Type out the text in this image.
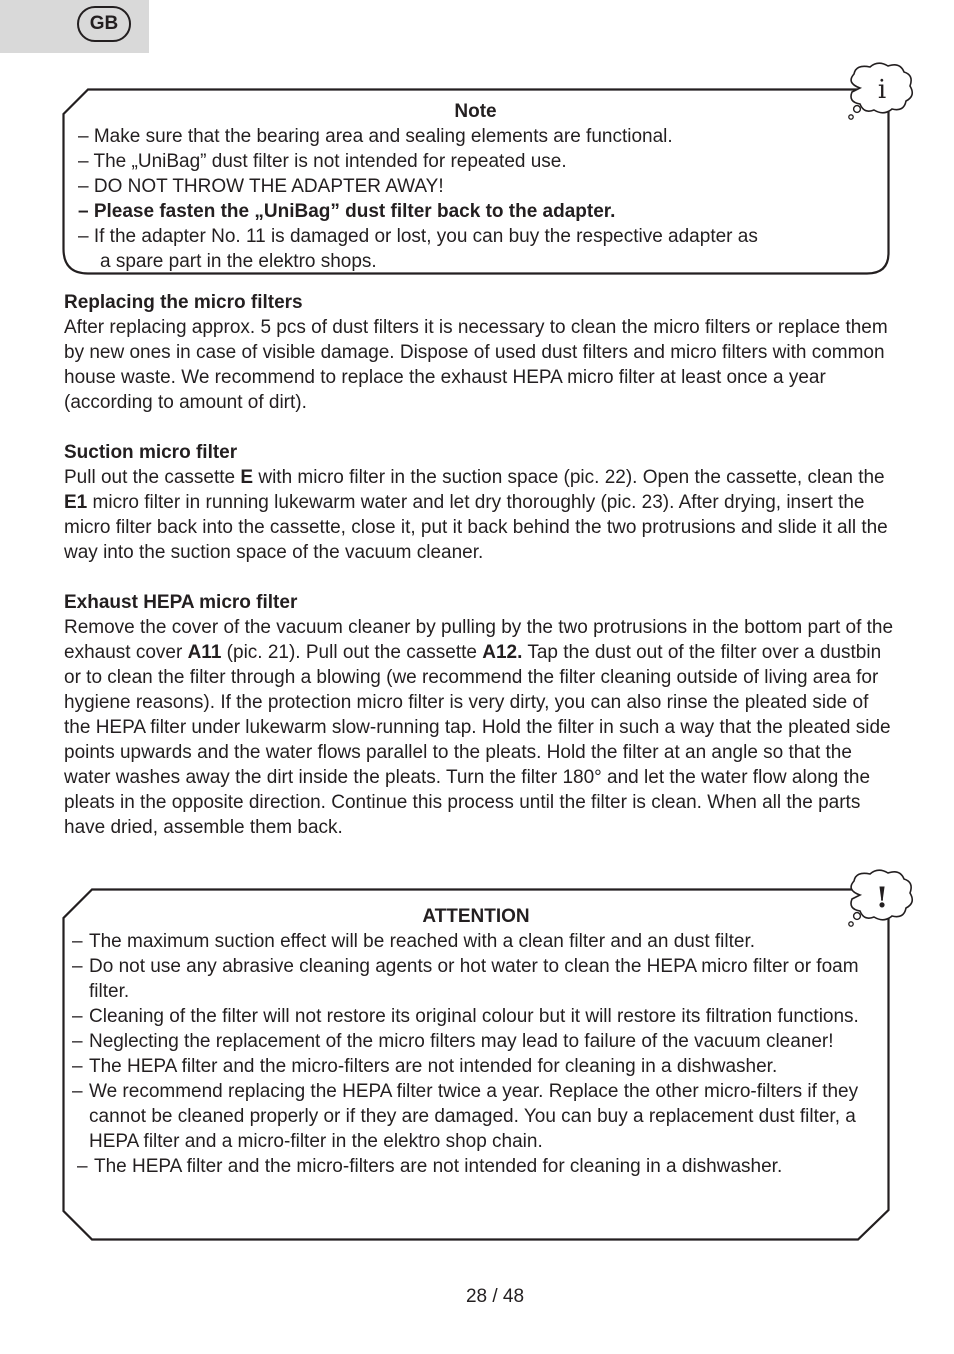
GB
i
Note
– Make sure that the bearing area and sealing elements are functional.
– The „UniBag” dust filter is not intended for repeated use.
– DO NOT THROW THE ADAPTER AWAY!
– Please fasten the „UniBag” dust filter back to the adapter.
– If the adapter No. 11 is damaged or lost, you can buy the respective adapter as
a spare part in the elektro shops.
Replacing the micro filters

After replacing approx. 5 pcs of dust filters it is necessary to clean the micro filters or replace them by new ones in case of visible damage. Dispose of used dust filters and micro filters with common house waste. We recommend to replace the exhaust HEPA micro filter at least once a year (according to amount of dirt).

Suction micro filter

Pull out the cassette E with micro filter in the suction space (pic. 22). Open the cassette, clean the E1 micro filter in running lukewarm water and let dry thoroughly (pic. 23). After drying, insert the micro filter back into the cassette, close it, put it back behind the two protrusions and slide it all the way into the suction space of the vacuum cleaner.

Exhaust HEPA micro filter

Remove the cover of the vacuum cleaner by pulling by the two protrusions in the bottom part of the exhaust cover A11 (pic. 21). Pull out the cassette A12. Tap the dust out of the filter over a dustbin or to clean the filter through a blowing (we recommend the filter cleaning outside of living area for hygiene reasons). If the protection micro filter is very dirty, you can also rinse the pleated side of the HEPA filter under lukewarm slow-running tap. Hold the filter in such a way that the pleated side points upwards and the water flows parallel to the pleats. Hold the filter at an angle so that the water washes away the dirt inside the pleats. Turn the filter 180° and let the water flow along the pleats in the opposite direction. Continue this process until the filter is clean. When all the parts have dried, assemble them back.

!
ATTENTION
– The maximum suction effect will be reached with a clean filter and an dust filter.
– Do not use any abrasive cleaning agents or hot water to clean the HEPA micro filter or foam filter.
– Cleaning of the filter will not restore its original colour but it will restore its filtration functions.
– Neglecting the replacement of the micro filters may lead to failure of the vacuum cleaner!
– The HEPA filter and the micro-filters are not intended for cleaning in a dishwasher.
– We recommend replacing the HEPA filter twice a year. Replace the other micro-filters if they cannot be cleaned properly or if they are damaged. You can buy a replacement dust filter, a HEPA filter and a micro-filter in the elektro shop chain.
– The HEPA filter and the micro-filters are not intended for cleaning in a dishwasher.
28 / 48
